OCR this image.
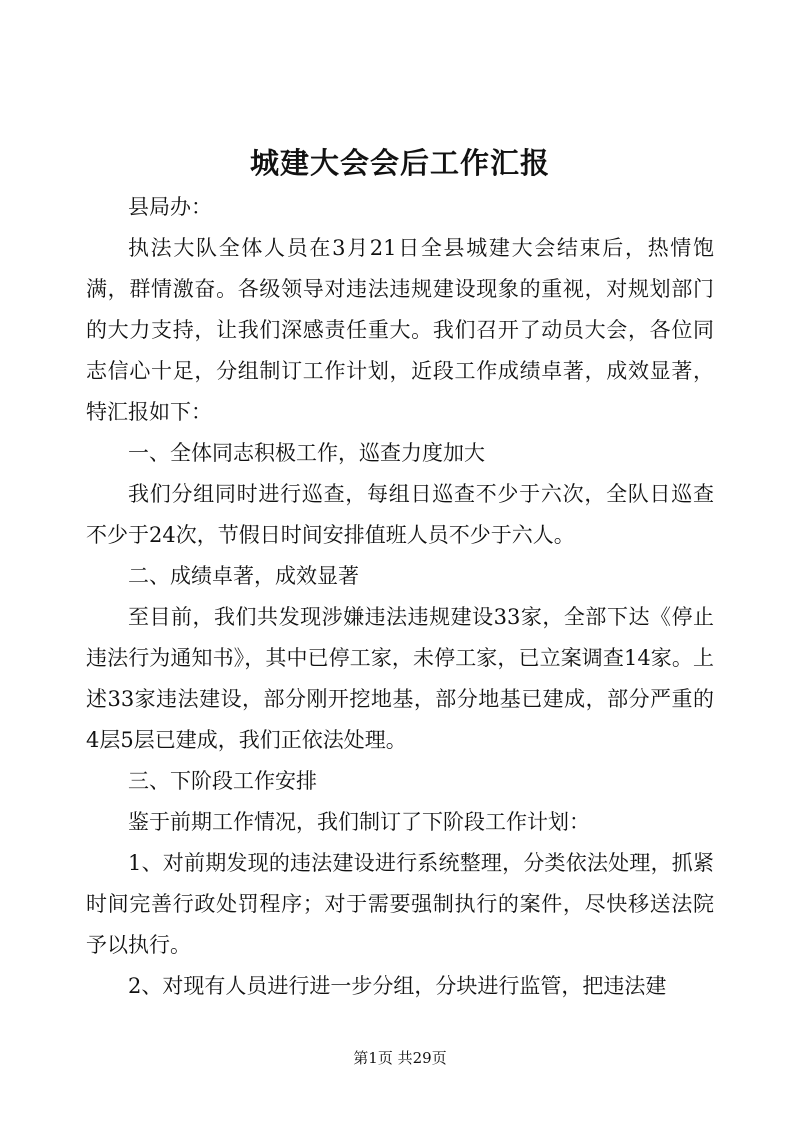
城建大会会后工作汇报

县局办：

执法大队全体人员在3月21日全县城建大会结束后，热情饱满，群情激奋。各级领导对违法违规建设现象的重视，对规划部门的大力支持，让我们深感责任重大。我们召开了动员大会，各位同志信心十足，分组制订工作计划，近段工作成绩卓著，成效显著，特汇报如下：

一、全体同志积极工作，巡查力度加大

我们分组同时进行巡查，每组日巡查不少于六次，全队日巡查不少于24次，节假日时间安排值班人员不少于六人。

二、成绩卓著，成效显著

至目前，我们共发现涉嫌违法违规建设33家，全部下达《停止违法行为通知书》，其中已停工家，未停工家，已立案调查14家。上述33家违法建设，部分刚开挖地基，部分地基已建成，部分严重的4层5层已建成，我们正依法处理。

三、下阶段工作安排

鉴于前期工作情况，我们制订了下阶段工作计划：

1、对前期发现的违法建设进行系统整理，分类依法处理，抓紧时间完善行政处罚程序；对于需要强制执行的案件，尽快移送法院予以执行。

2、对现有人员进行进一步分组，分块进行监管，把违法建

第1页 共29页
